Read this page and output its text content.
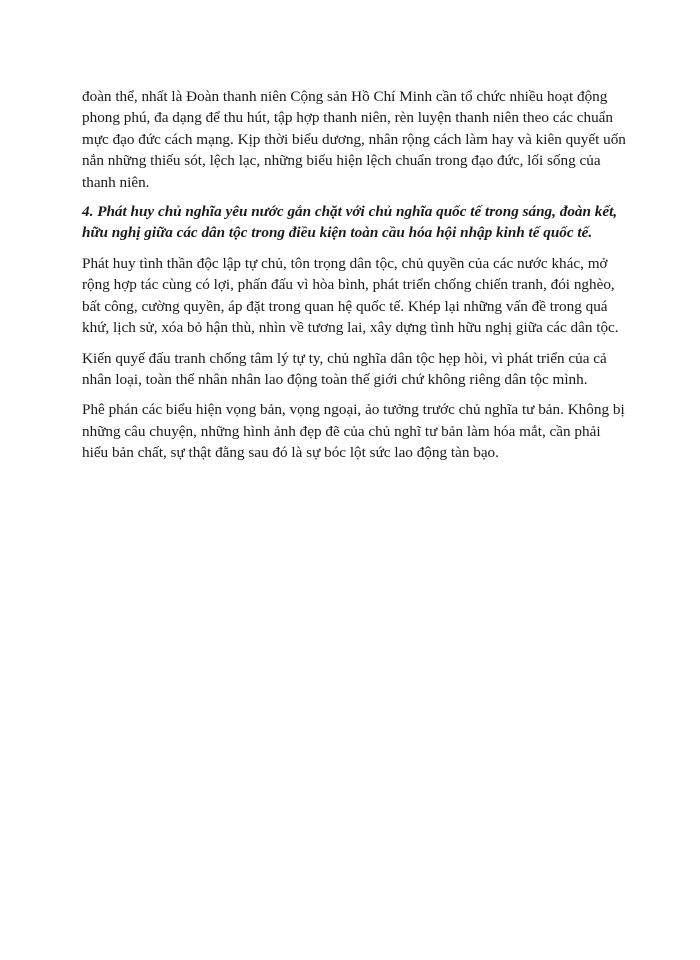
đoàn thể, nhất là Đoàn thanh niên Cộng sản Hồ Chí Minh cần tổ chức nhiều hoạt động
phong phú, đa dạng để thu hút, tập hợp thanh niên, rèn luyện thanh niên theo các chuẩn
mực đạo đức cách mạng. Kịp thời biểu dương, nhân rộng cách làm hay và kiên quyết uốn
nắn những thiếu sót, lệch lạc, những biểu hiện lệch chuẩn trong đạo đức, lối sống của
thanh niên.
4. Phát huy chủ nghĩa yêu nước gắn chặt với chủ nghĩa quốc tế trong sáng, đoàn kết,
hữu nghị giữa các dân tộc trong điều kiện toàn cầu hóa hội nhập kinh tế quốc tế.
Phát huy tình thần độc lập tự chủ, tôn trọng dân tộc, chủ quyền của các nước khác, mở
rộng hợp tác cùng có lợi, phấn đấu vì hòa bình, phát triển chống chiến tranh, đói nghèo,
bất công, cường quyền, áp đặt trong quan hệ quốc tế. Khép lại những vấn đề trong quá
khứ, lịch sử, xóa bỏ hận thù, nhìn về tương lai, xây dựng tình hữu nghị giữa các dân tộc.
Kiến quyế đấu tranh chống tâm lý tự ty, chủ nghĩa dân tộc hẹp hòi, vì phát triển của cả
nhân loại, toàn thể nhân nhân lao động toàn thế giới chứ không riêng dân tộc mình.
Phê phán các biểu hiện vọng bản, vọng ngoại, ảo tưởng trước chủ nghĩa tư bản. Không bị
những câu chuyện, những hình ảnh đẹp đẽ của chủ nghĩ tư bản làm hóa mắt, cần phải
hiểu bản chất, sự thật đằng sau đó là sự bóc lột sức lao động tàn bạo.
